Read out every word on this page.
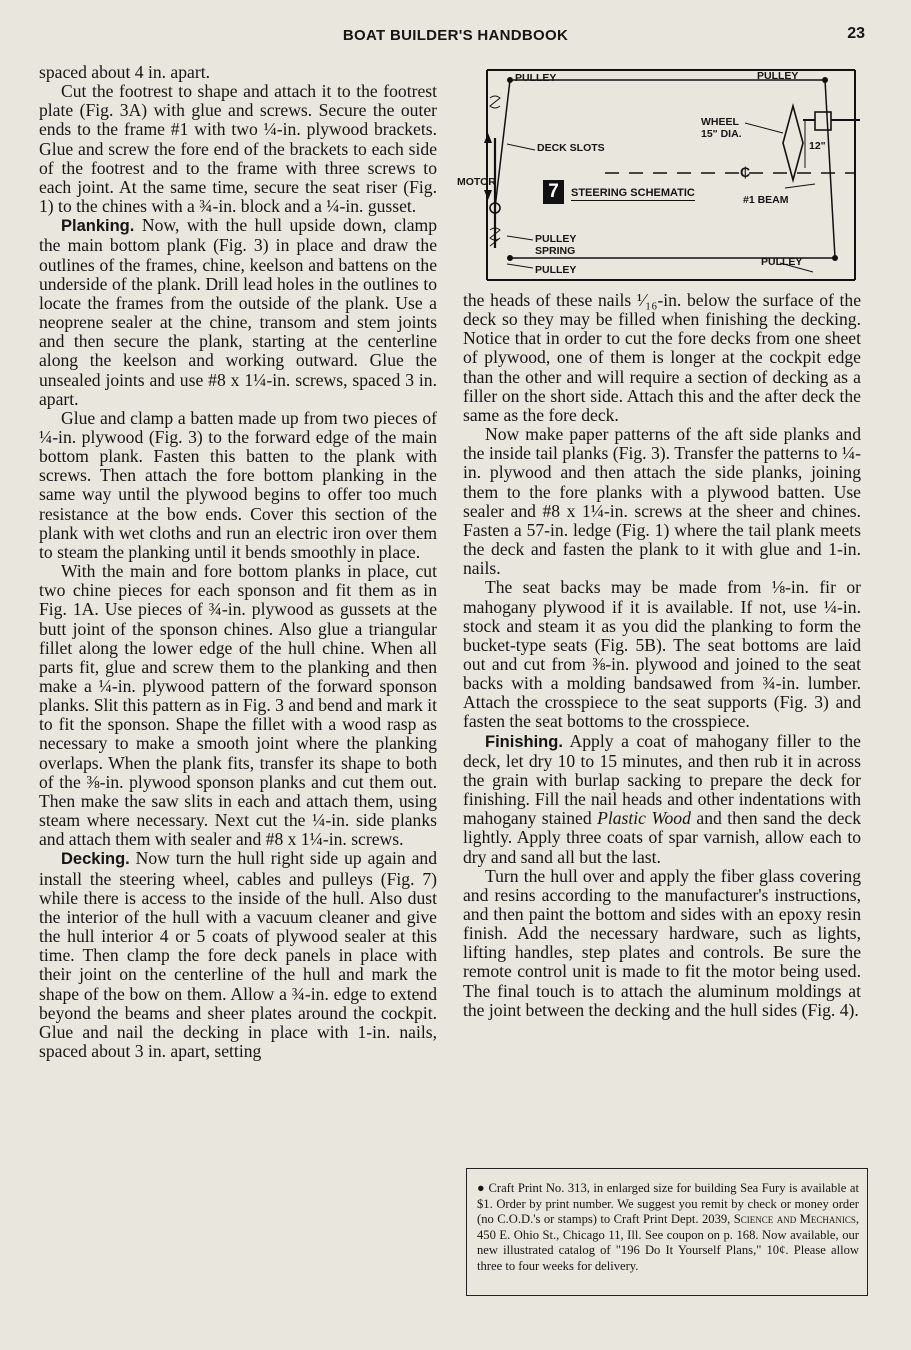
BOAT BUILDER'S HANDBOOK	23

spaced about 4 in. apart.

Cut the footrest to shape and attach it to the footrest plate (Fig. 3A) with glue and screws. Secure the outer ends to the frame #1 with two ¼-in. plywood brackets. Glue and screw the fore end of the brackets to each side of the footrest and to the frame with three screws to each joint. At the same time, secure the seat riser (Fig. 1) to the chines with a ¾-in. block and a ¼-in. gusset.

Planking. Now, with the hull upside down, clamp the main bottom plank (Fig. 3) in place and draw the outlines of the frames, chine, keelson and battens on the underside of the plank. Drill lead holes in the outlines to locate the frames from the outside of the plank. Use a neoprene sealer at the chine, transom and stem joints and then secure the plank, starting at the centerline along the keelson and working outward. Glue the unsealed joints and use #8 x 1¼-in. screws, spaced 3 in. apart.

Glue and clamp a batten made up from two pieces of ¼-in. plywood (Fig. 3) to the forward edge of the main bottom plank. Fasten this batten to the plank with screws. Then attach the fore bottom planking in the same way until the plywood begins to offer too much resistance at the bow ends. Cover this section of the plank with wet cloths and run an electric iron over them to steam the planking until it bends smoothly in place.

With the main and fore bottom planks in place, cut two chine pieces for each sponson and fit them as in Fig. 1A. Use pieces of ¾-in. plywood as gussets at the butt joint of the sponson chines. Also glue a triangular fillet along the lower edge of the hull chine. When all parts fit, glue and screw them to the planking and then make a ¼-in. plywood pattern of the forward sponson planks. Slit this pattern as in Fig. 3 and bend and mark it to fit the sponson. Shape the fillet with a wood rasp as necessary to make a smooth joint where the planking overlaps. When the plank fits, transfer its shape to both of the ⅜-in. plywood sponson planks and cut them out. Then make the saw slits in each and attach them, using steam where necessary. Next cut the ¼-in. side planks and attach them with sealer and #8 x 1¼-in. screws.

Decking. Now turn the hull right side up again and install the steering wheel, cables and pulleys (Fig. 7) while there is access to the inside of the hull. Also dust the interior of the hull with a vacuum cleaner and give the hull interior 4 or 5 coats of plywood sealer at this time. Then clamp the fore deck panels in place with their joint on the centerline of the hull and mark the shape of the bow on them. Allow a ¾-in. edge to extend beyond the beams and sheer plates around the cockpit. Glue and nail the decking in place with 1-in. nails, spaced about 3 in. apart, setting

PULLEY	PULLEY
WHEEL
15" DIA.
DECK SLOTS	12"
MOTOR
₵
7	STEERING SCHEMATIC
#1 BEAM
PULLEY
SPRING
PULLEY
PULLEY

the heads of these nails ¹⁄₁₆-in. below the surface of the deck so they may be filled when finishing the decking. Notice that in order to cut the fore decks from one sheet of plywood, one of them is longer at the cockpit edge than the other and will require a section of decking as a filler on the short side. Attach this and the after deck the same as the fore deck.

Now make paper patterns of the aft side planks and the inside tail planks (Fig. 3). Transfer the patterns to ¼-in. plywood and then attach the side planks, joining them to the fore planks with a plywood batten. Use sealer and #8 x 1¼-in. screws at the sheer and chines. Fasten a 57-in. ledge (Fig. 1) where the tail plank meets the deck and fasten the plank to it with glue and 1-in. nails.

The seat backs may be made from ⅛-in. fir or mahogany plywood if it is available. If not, use ¼-in. stock and steam it as you did the planking to form the bucket-type seats (Fig. 5B). The seat bottoms are laid out and cut from ⅜-in. plywood and joined to the seat backs with a molding bandsawed from ¾-in. lumber. Attach the crosspiece to the seat supports (Fig. 3) and fasten the seat bottoms to the crosspiece.

Finishing. Apply a coat of mahogany filler to the deck, let dry 10 to 15 minutes, and then rub it in across the grain with burlap sacking to prepare the deck for finishing. Fill the nail heads and other indentations with mahogany stained Plastic Wood and then sand the deck lightly. Apply three coats of spar varnish, allow each to dry and sand all but the last.

Turn the hull over and apply the fiber glass covering and resins according to the manufacturer's instructions, and then paint the bottom and sides with an epoxy resin finish. Add the necessary hardware, such as lights, lifting handles, step plates and controls. Be sure the remote control unit is made to fit the motor being used. The final touch is to attach the aluminum moldings at the joint between the decking and the hull sides (Fig. 4).

● Craft Print No. 313, in enlarged size for building Sea Fury is available at $1. Order by print number. We suggest you remit by check or money order (no C.O.D.'s or stamps) to Craft Print Dept. 2039, Science and Mechanics, 450 E. Ohio St., Chicago 11, Ill. See coupon on p. 168. Now available, our new illustrated catalog of "196 Do It Yourself Plans," 10¢. Please allow three to four weeks for delivery.
